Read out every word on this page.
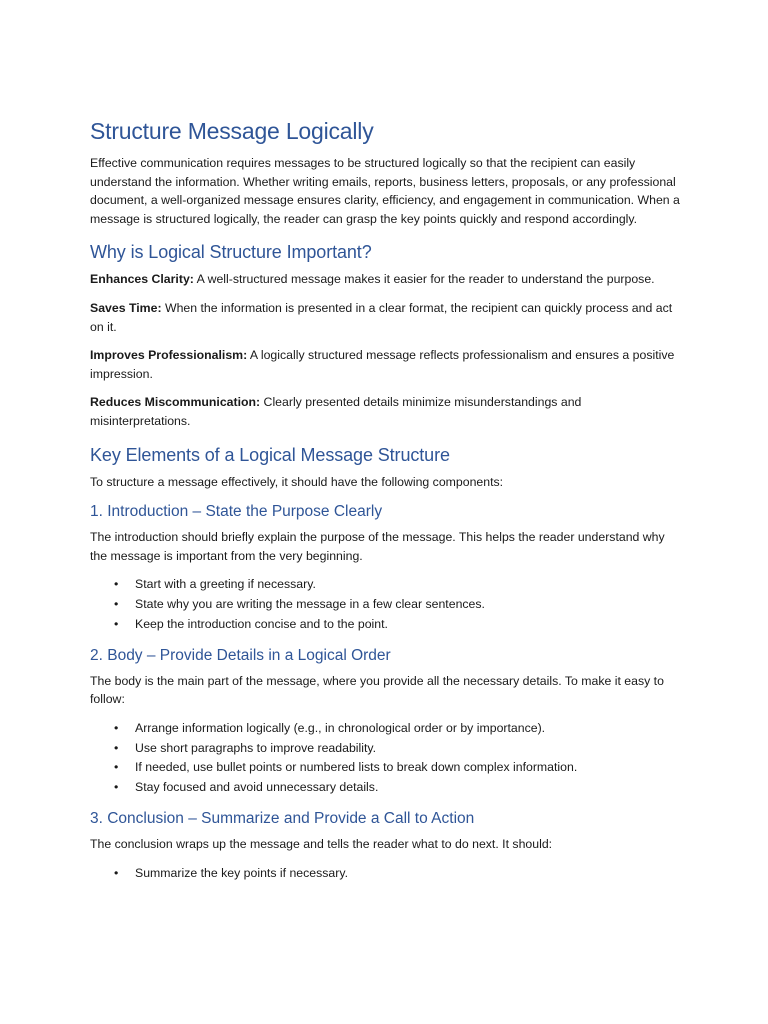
Structure Message Logically

Effective communication requires messages to be structured logically so that the recipient can easily understand the information. Whether writing emails, reports, business letters, proposals, or any professional document, a well-organized message ensures clarity, efficiency, and engagement in communication. When a message is structured logically, the reader can grasp the key points quickly and respond accordingly.

Why is Logical Structure Important?

Enhances Clarity: A well-structured message makes it easier for the reader to understand the purpose.

Saves Time: When the information is presented in a clear format, the recipient can quickly process and act on it.

Improves Professionalism: A logically structured message reflects professionalism and ensures a positive impression.

Reduces Miscommunication: Clearly presented details minimize misunderstandings and misinterpretations.

Key Elements of a Logical Message Structure

To structure a message effectively, it should have the following components:

1. Introduction – State the Purpose Clearly

The introduction should briefly explain the purpose of the message. This helps the reader understand why the message is important from the very beginning.

• Start with a greeting if necessary.
• State why you are writing the message in a few clear sentences.
• Keep the introduction concise and to the point.
2. Body – Provide Details in a Logical Order

The body is the main part of the message, where you provide all the necessary details. To make it easy to follow:

• Arrange information logically (e.g., in chronological order or by importance).
• Use short paragraphs to improve readability.
• If needed, use bullet points or numbered lists to break down complex information.
• Stay focused and avoid unnecessary details.
3. Conclusion – Summarize and Provide a Call to Action

The conclusion wraps up the message and tells the reader what to do next. It should:

• Summarize the key points if necessary.
